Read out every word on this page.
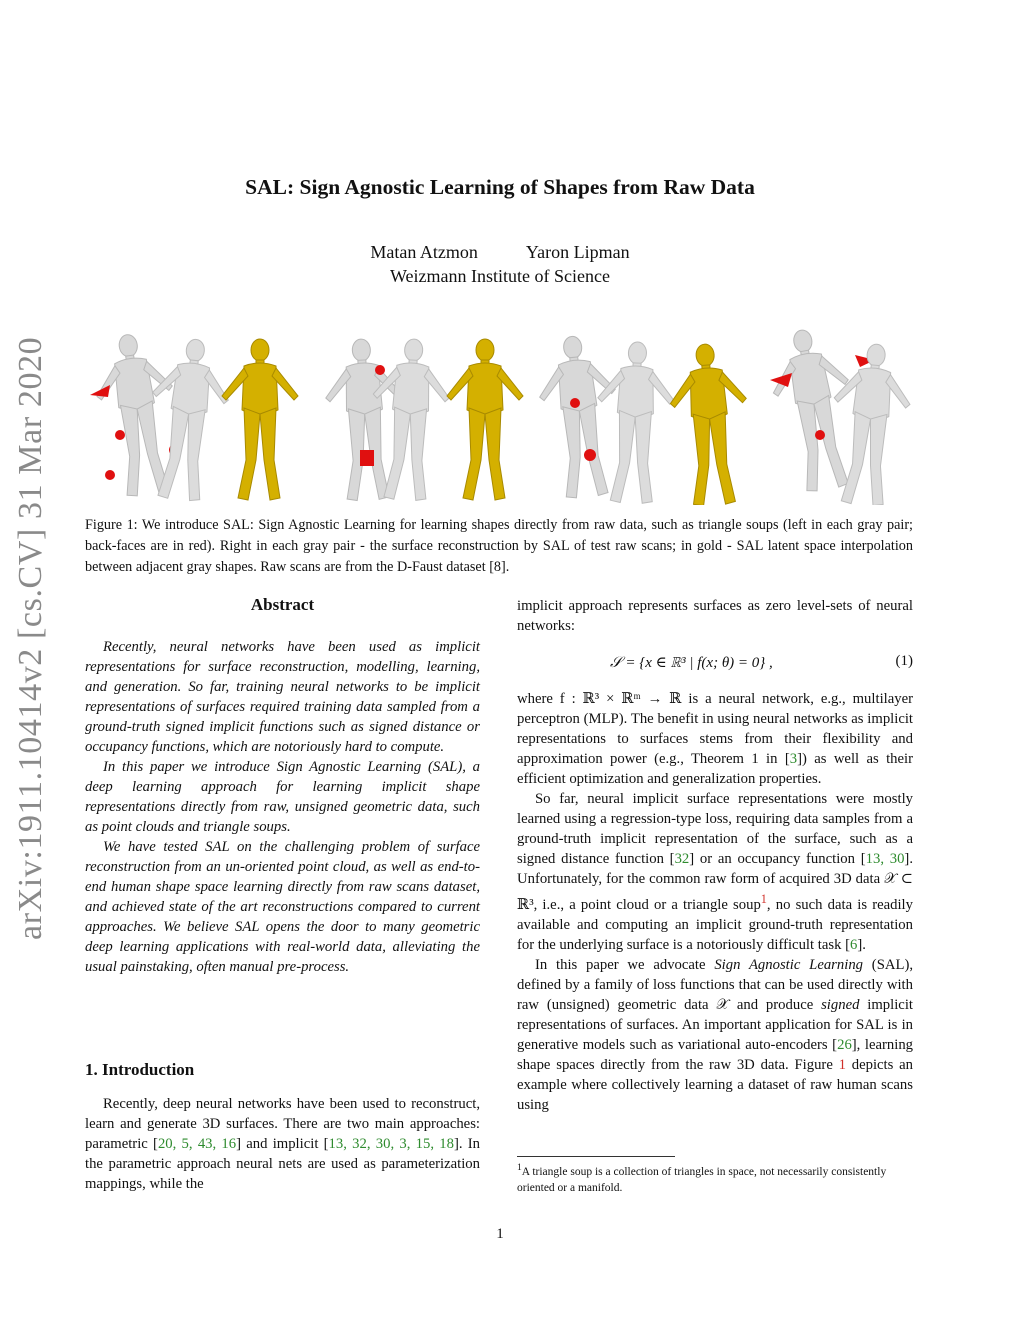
arXiv:1911.10414v2 [cs.CV] 31 Mar 2020
SAL: Sign Agnostic Learning of Shapes from Raw Data
Matan Atzmon	Yaron Lipman
Weizmann Institute of Science
Figure 1: We introduce SAL: Sign Agnostic Learning for learning shapes directly from raw data, such as triangle soups (left in each gray pair; back-faces are in red). Right in each gray pair - the surface reconstruction by SAL of test raw scans; in gold - SAL latent space interpolation between adjacent gray shapes. Raw scans are from the D-Faust dataset [8].
Abstract

Recently, neural networks have been used as implicit representations for surface reconstruction, modelling, learning, and generation. So far, training neural networks to be implicit representations of surfaces required training data sampled from a ground-truth signed implicit functions such as signed distance or occupancy functions, which are notoriously hard to compute.

In this paper we introduce Sign Agnostic Learning (SAL), a deep learning approach for learning implicit shape representations directly from raw, unsigned geometric data, such as point clouds and triangle soups.

We have tested SAL on the challenging problem of surface reconstruction from an un-oriented point cloud, as well as end-to-end human shape space learning directly from raw scans dataset, and achieved state of the art reconstructions compared to current approaches. We believe SAL opens the door to many geometric deep learning applications with real-world data, alleviating the usual painstaking, often manual pre-process.

1. Introduction

Recently, deep neural networks have been used to reconstruct, learn and generate 3D surfaces. There are two main approaches: parametric [20, 5, 43, 16] and implicit [13, 32, 30, 3, 15, 18]. In the parametric approach neural nets are used as parameterization mappings, while the

implicit approach represents surfaces as zero level-sets of neural networks:

𝒮 = {x ∈ ℝ³ | f(x; θ) = 0} ,	(1)

where f : ℝ³ × ℝᵐ → ℝ is a neural network, e.g., multilayer perceptron (MLP). The benefit in using neural networks as implicit representations to surfaces stems from their flexibility and approximation power (e.g., Theorem 1 in [3]) as well as their efficient optimization and generalization properties.

So far, neural implicit surface representations were mostly learned using a regression-type loss, requiring data samples from a ground-truth implicit representation of the surface, such as a signed distance function [32] or an occupancy function [13, 30]. Unfortunately, for the common raw form of acquired 3D data 𝒳 ⊂ ℝ³, i.e., a point cloud or a triangle soup$^1$, no such data is readily available and computing an implicit ground-truth representation for the underlying surface is a notoriously difficult task [6].

In this paper we advocate Sign Agnostic Learning (SAL), defined by a family of loss functions that can be used directly with raw (unsigned) geometric data 𝒳 and produce signed implicit representations of surfaces. An important application for SAL is in generative models such as variational auto-encoders [26], learning shape spaces directly from the raw 3D data. Figure 1 depicts an example where collectively learning a dataset of raw human scans using

$^1$A triangle soup is a collection of triangles in space, not necessarily consistently oriented or a manifold.
1
